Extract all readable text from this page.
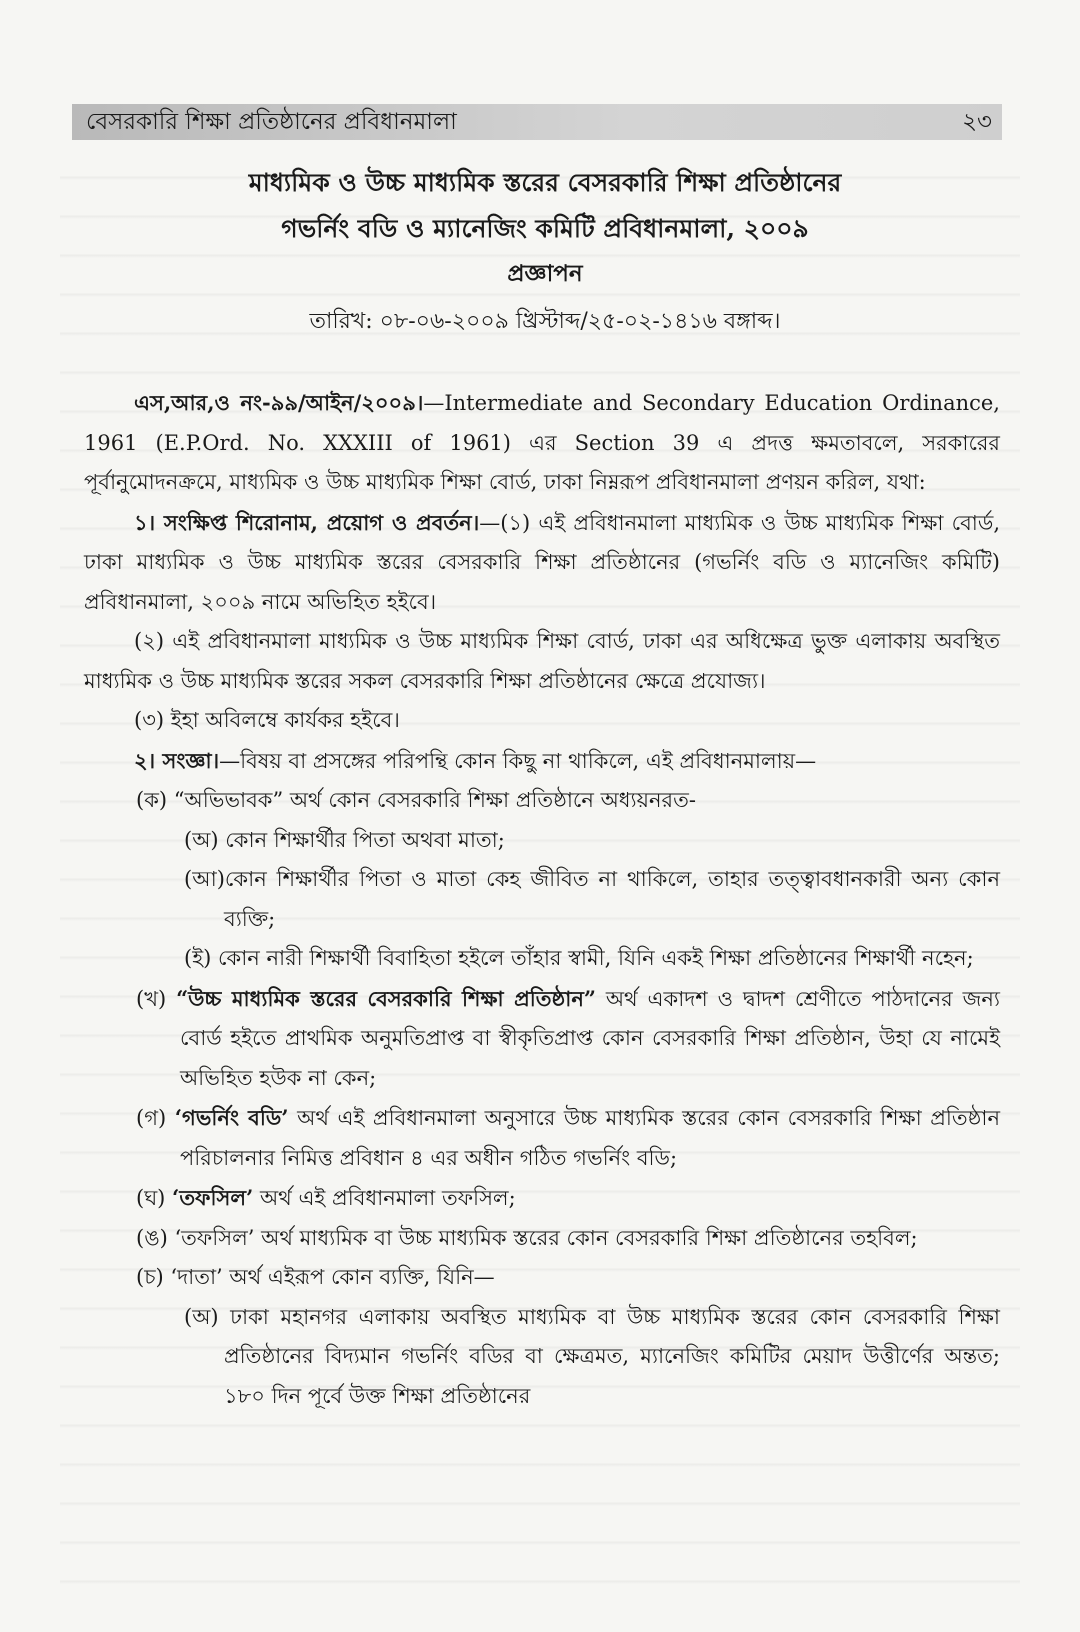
বেসরকারি শিক্ষা প্রতিষ্ঠানের প্রবিধানমালা	২৩

মাধ্যমিক ও উচ্চ মাধ্যমিক স্তরের বেসরকারি শিক্ষা প্রতিষ্ঠানের

গভর্নিং বডি ও ম্যানেজিং কমিটি প্রবিধানমালা, ২০০৯

প্রজ্ঞাপন

তারিখ: ০৮-০৬-২০০৯ খ্রিস্টাব্দ/২৫-০২-১৪১৬ বঙ্গাব্দ।

এস,আর,ও নং-৯৯/আইন/২০০৯।—Intermediate and Secondary Education Ordinance, 1961 (E.P.Ord. No. XXXIII of 1961) এর Section 39 এ প্রদত্ত ক্ষমতাবলে, সরকারের পূর্বানুমোদনক্রমে, মাধ্যমিক ও উচ্চ মাধ্যমিক শিক্ষা বোর্ড, ঢাকা নিম্নরূপ প্রবিধানমালা প্রণয়ন করিল, যথা:

১। সংক্ষিপ্ত শিরোনাম, প্রয়োগ ও প্রবর্তন।—(১) এই প্রবিধানমালা মাধ্যমিক ও উচ্চ মাধ্যমিক শিক্ষা বোর্ড, ঢাকা মাধ্যমিক ও উচ্চ মাধ্যমিক স্তরের বেসরকারি শিক্ষা প্রতিষ্ঠানের (গভর্নিং বডি ও ম্যানেজিং কমিটি) প্রবিধানমালা, ২০০৯ নামে অভিহিত হইবে।

(২) এই প্রবিধানমালা মাধ্যমিক ও উচ্চ মাধ্যমিক শিক্ষা বোর্ড, ঢাকা এর অধিক্ষেত্র ভুক্ত এলাকায় অবস্থিত মাধ্যমিক ও উচ্চ মাধ্যমিক স্তরের সকল বেসরকারি শিক্ষা প্রতিষ্ঠানের ক্ষেত্রে প্রযোজ্য।

(৩) ইহা অবিলম্বে কার্যকর হইবে।

২। সংজ্ঞা।—বিষয় বা প্রসঙ্গের পরিপন্থি কোন কিছু না থাকিলে, এই প্রবিধানমালায়—

(ক) “অভিভাবক” অর্থ কোন বেসরকারি শিক্ষা প্রতিষ্ঠানে অধ্যয়নরত-

(অ) কোন শিক্ষার্থীর পিতা অথবা মাতা;

(আ)কোন শিক্ষার্থীর পিতা ও মাতা কেহ জীবিত না থাকিলে, তাহার তত্ত্বাবধানকারী অন্য কোন ব্যক্তি;

(ই) কোন নারী শিক্ষার্থী বিবাহিতা হইলে তাঁহার স্বামী, যিনি একই শিক্ষা প্রতিষ্ঠানের শিক্ষার্থী নহেন;

(খ) “উচ্চ মাধ্যমিক স্তরের বেসরকারি শিক্ষা প্রতিষ্ঠান” অর্থ একাদশ ও দ্বাদশ শ্রেণীতে পাঠদানের জন্য বোর্ড হইতে প্রাথমিক অনুমতিপ্রাপ্ত বা স্বীকৃতিপ্রাপ্ত কোন বেসরকারি শিক্ষা প্রতিষ্ঠান, উহা যে নামেই অভিহিত হউক না কেন;

(গ) ‘গভর্নিং বডি’ অর্থ এই প্রবিধানমালা অনুসারে উচ্চ মাধ্যমিক স্তরের কোন বেসরকারি শিক্ষা প্রতিষ্ঠান পরিচালনার নিমিত্ত প্রবিধান ৪ এর অধীন গঠিত গভর্নিং বডি;

(ঘ) ‘তফসিল’ অর্থ এই প্রবিধানমালা তফসিল;

(ঙ) ‘তফসিল’ অর্থ মাধ্যমিক বা উচ্চ মাধ্যমিক স্তরের কোন বেসরকারি শিক্ষা প্রতিষ্ঠানের তহবিল;

(চ) ‘দাতা’ অর্থ এইরূপ কোন ব্যক্তি, যিনি—

(অ) ঢাকা মহানগর এলাকায় অবস্থিত মাধ্যমিক বা উচ্চ মাধ্যমিক স্তরের কোন বেসরকারি শিক্ষা প্রতিষ্ঠানের বিদ্যমান গভর্নিং বডির বা ক্ষেত্রমত, ম্যানেজিং কমিটির মেয়াদ উত্তীর্ণের অন্তত; ১৮০ দিন পূর্বে উক্ত শিক্ষা প্রতিষ্ঠানের
